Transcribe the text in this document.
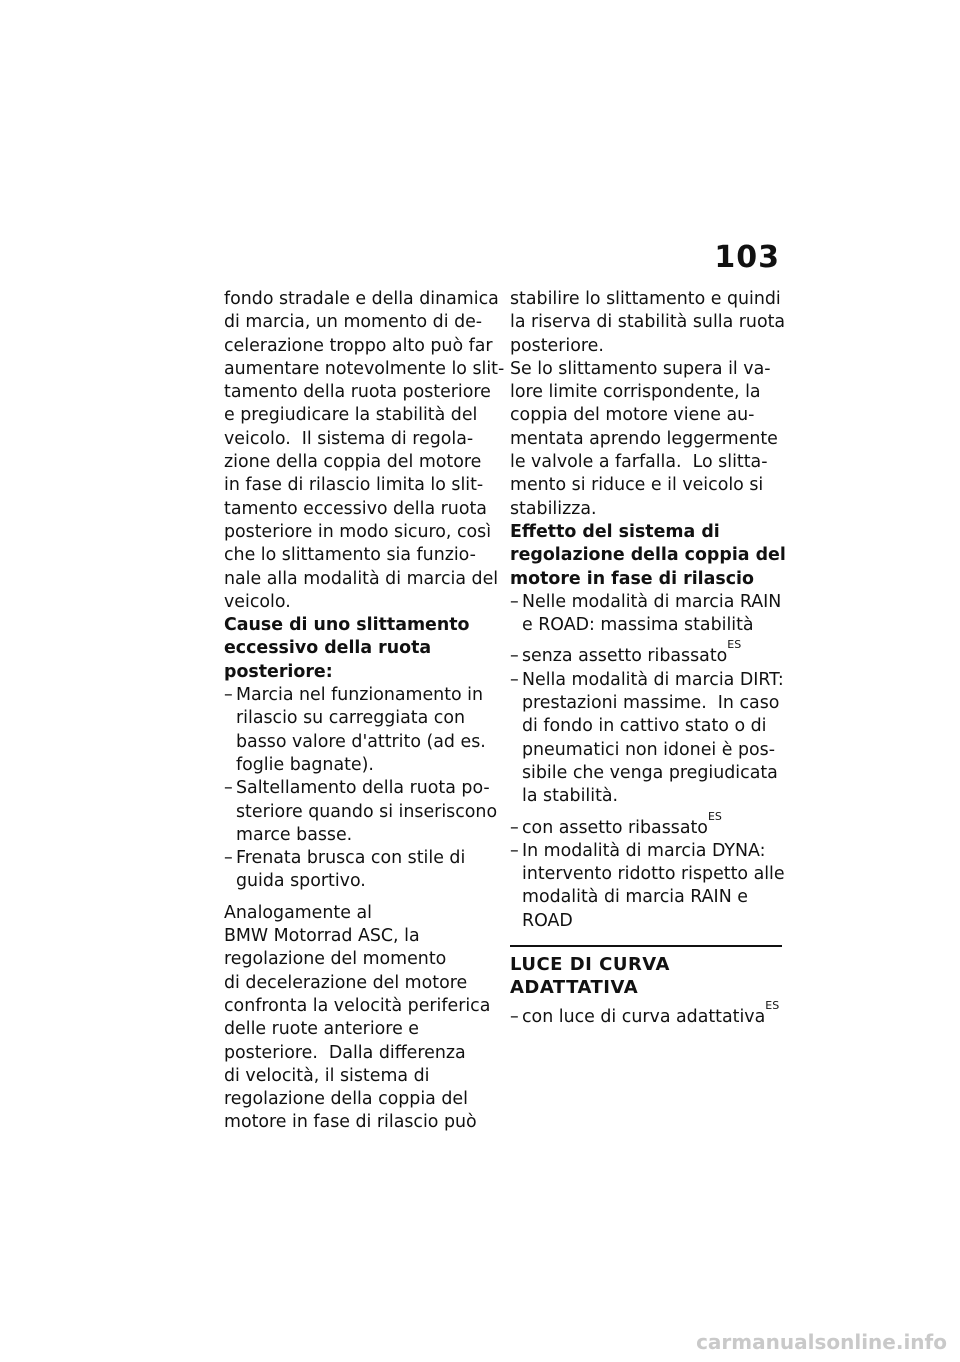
103

fondo stradale e della dinamica
di marcia, un momento di de-
celerazione troppo alto può far
aumentare notevolmente lo slit-
tamento della ruota posteriore
e pregiudicare la stabilità del
veicolo.  Il sistema di regola-
zione della coppia del motore
in fase di rilascio limita lo slit-
tamento eccessivo della ruota
posteriore in modo sicuro, così
che lo slittamento sia funzio-
nale alla modalità di marcia del
veicolo.

Cause di uno slittamento
eccessivo della ruota
posteriore:

– Marcia nel funzionamento in
rilascio su carreggiata con
basso valore d'attrito (ad es.
foglie bagnate).
– Saltellamento della ruota po-
steriore quando si inseriscono
marce basse.
– Frenata brusca con stile di
guida sportivo.

Analogamente al
BMW Motorrad ASC, la
regolazione del momento
di decelerazione del motore
confronta la velocità periferica
delle ruote anteriore e
posteriore.  Dalla differenza
di velocità, il sistema di
regolazione della coppia del
motore in fase di rilascio può

stabilire lo slittamento e quindi
la riserva di stabilità sulla ruota
posteriore.
Se lo slittamento supera il va-
lore limite corrispondente, la
coppia del motore viene au-
mentata aprendo leggermente
le valvole a farfalla.  Lo slitta-
mento si riduce e il veicolo si
stabilizza.

Effetto del sistema di
regolazione della coppia del
motore in fase di rilascio

– Nelle modalità di marcia RAIN
e ROAD: massima stabilità
– senza assetto ribassato
ES
– Nella modalità di marcia DIRT:
prestazioni massime.  In caso
di fondo in cattivo stato o di
pneumatici non idonei è pos-
sibile che venga pregiudicata
la stabilità.
– con assetto ribassato
ES
– In modalità di marcia DYNA:
intervento ridotto rispetto alle
modalità di marcia RAIN e
ROAD

LUCE DI CURVA ADATTATIVA

– con luce di curva adattativa
ES
carmanualsonline.info
